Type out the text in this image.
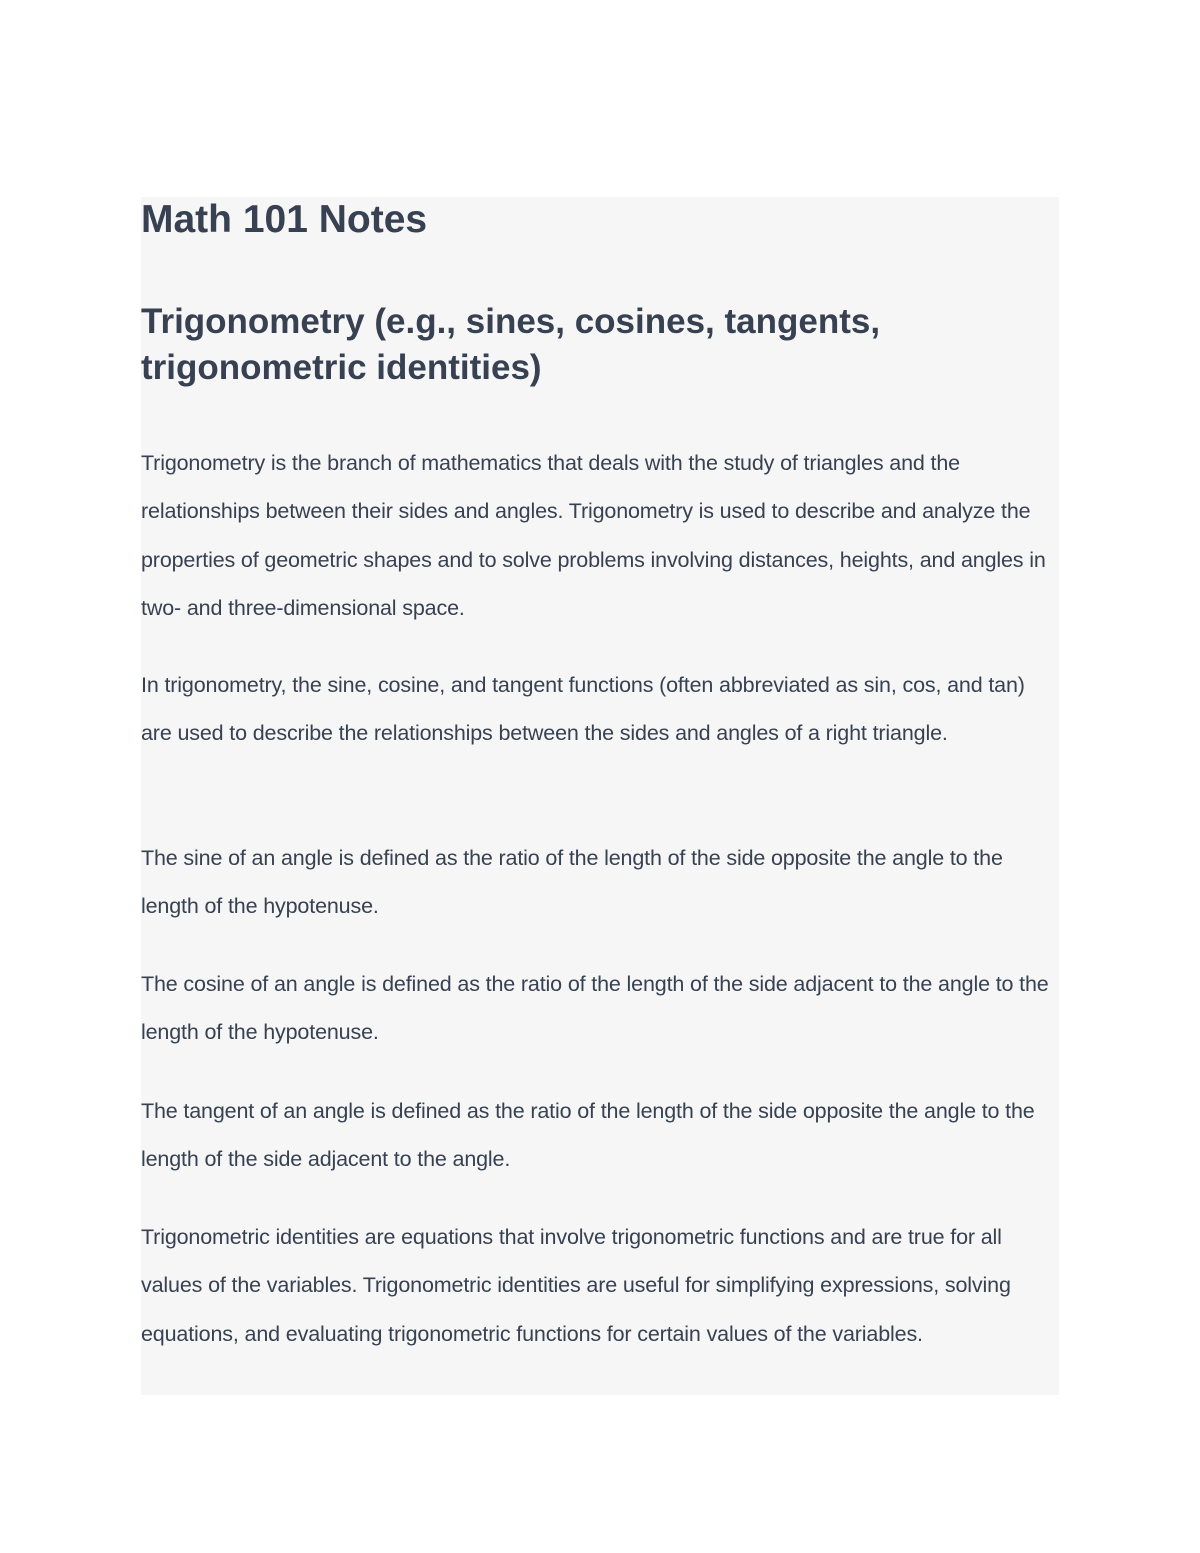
Math 101 Notes
Trigonometry (e.g., sines, cosines, tangents, trigonometric identities)

Trigonometry is the branch of mathematics that deals with the study of triangles and the relationships between their sides and angles. Trigonometry is used to describe and analyze the properties of geometric shapes and to solve problems involving distances, heights, and angles in two- and three-dimensional space.

In trigonometry, the sine, cosine, and tangent functions (often abbreviated as sin, cos, and tan) are used to describe the relationships between the sides and angles of a right triangle.

The sine of an angle is defined as the ratio of the length of the side opposite the angle to the length of the hypotenuse.

The cosine of an angle is defined as the ratio of the length of the side adjacent to the angle to the length of the hypotenuse.

The tangent of an angle is defined as the ratio of the length of the side opposite the angle to the length of the side adjacent to the angle.

Trigonometric identities are equations that involve trigonometric functions and are true for all values of the variables. Trigonometric identities are useful for simplifying expressions, solving equations, and evaluating trigonometric functions for certain values of the variables.
